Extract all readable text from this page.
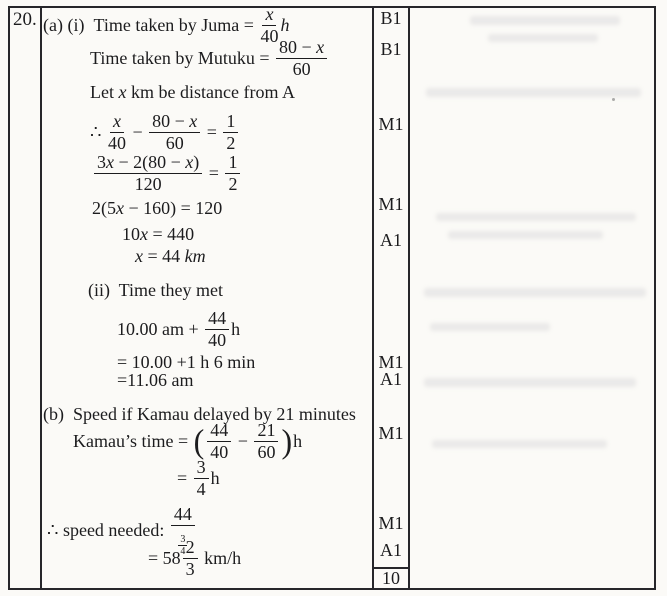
20. (a) (i) Time taken by Juma = $\frac{x}{40}$ h
Time taken by Mutuku = $\frac{80 - x}{60}$
Let x km be distance from A
∴ $\frac{x}{40} - \frac{80 - x}{60} = \frac{1}{2}$
$\frac{3x - 2(80 - x)}{120} = \frac{1}{2}$
2(5 x − 160) = 120
10 x = 440
x = 44 km
(ii)  Time they met
10.00 am + $\frac{44}{40}$ h
= 10.00 +1 h 6 min
=11.06 am
(b)  Speed if Kamau delayed by 21 minutes
Kamau’s time = ( $\frac{44}{40} - \frac{21}{60}$ ) h
= $\frac{3}{4}$ h
∴ speed needed: $\frac{44}{\frac{3}{4}}$
= $58 \frac{2}{3} km/h$
B1
B1
M1
M1
A1
M1
A1
M1
M1
A1
10
